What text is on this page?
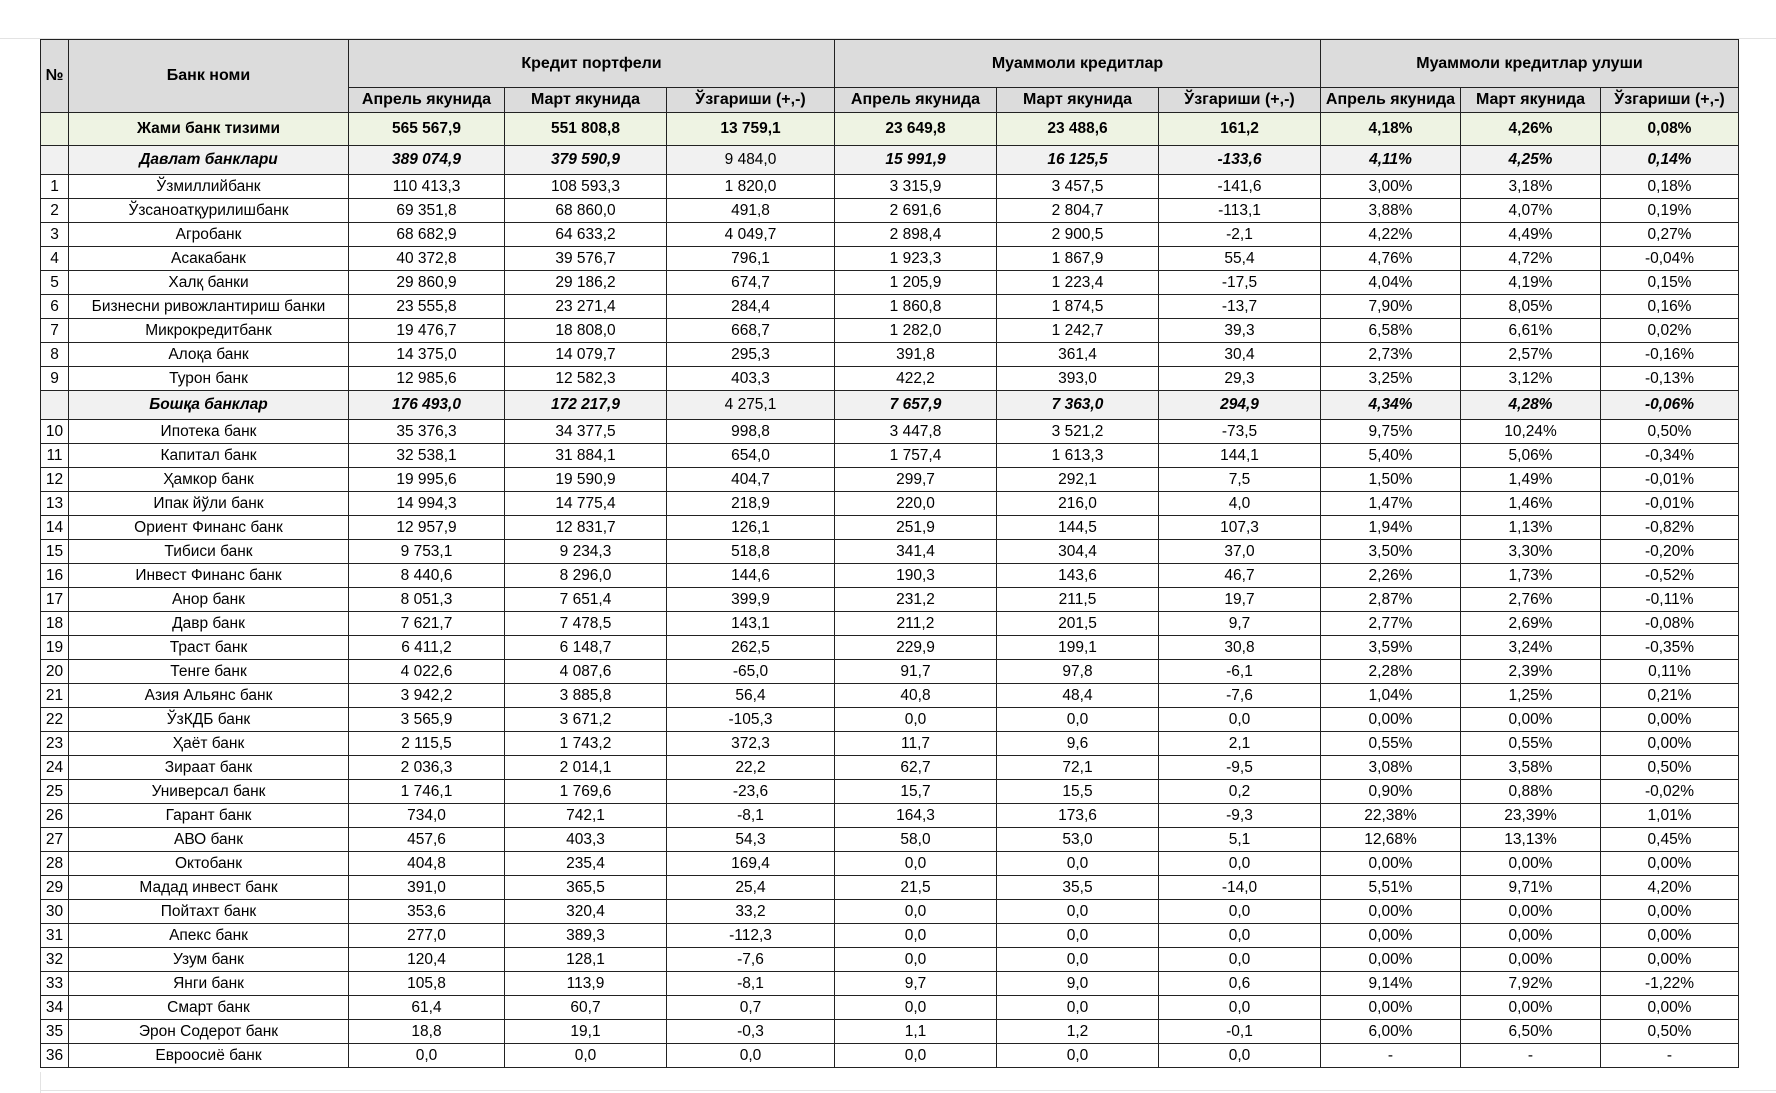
№	Банк номи	Кредит портфели			Муаммоли кредитлар			Муаммоли кредитлар улуши		
		Апрель якунида	Март якунида	Ўзгариши (+,-)	Апрель якунида	Март якунида	Ўзгариши (+,-)	Апрель якунида	Март якунида	Ўзгариши (+,-)
	Жами банк тизими	565 567,9	551 808,8	13 759,1	23 649,8	23 488,6	161,2	4,18%	4,26%	0,08%
	Давлат банклари	389 074,9	379 590,9	9 484,0	15 991,9	16 125,5	-133,6	4,11%	4,25%	0,14%
1	Ўзмиллийбанк	110 413,3	108 593,3	1 820,0	3 315,9	3 457,5	-141,6	3,00%	3,18%	0,18%
2	Ўзсаноатқурилишбанк	69 351,8	68 860,0	491,8	2 691,6	2 804,7	-113,1	3,88%	4,07%	0,19%
3	Агробанк	68 682,9	64 633,2	4 049,7	2 898,4	2 900,5	-2,1	4,22%	4,49%	0,27%
4	Асакабанк	40 372,8	39 576,7	796,1	1 923,3	1 867,9	55,4	4,76%	4,72%	-0,04%
5	Халқ банки	29 860,9	29 186,2	674,7	1 205,9	1 223,4	-17,5	4,04%	4,19%	0,15%
6	Бизнесни ривожлантириш банки	23 555,8	23 271,4	284,4	1 860,8	1 874,5	-13,7	7,90%	8,05%	0,16%
7	Микрокредитбанк	19 476,7	18 808,0	668,7	1 282,0	1 242,7	39,3	6,58%	6,61%	0,02%
8	Алоқа банк	14 375,0	14 079,7	295,3	391,8	361,4	30,4	2,73%	2,57%	-0,16%
9	Турон банк	12 985,6	12 582,3	403,3	422,2	393,0	29,3	3,25%	3,12%	-0,13%
	Бошқа банклар	176 493,0	172 217,9	4 275,1	7 657,9	7 363,0	294,9	4,34%	4,28%	-0,06%
10	Ипотека банк	35 376,3	34 377,5	998,8	3 447,8	3 521,2	-73,5	9,75%	10,24%	0,50%
11	Капитал банк	32 538,1	31 884,1	654,0	1 757,4	1 613,3	144,1	5,40%	5,06%	-0,34%
12	Ҳамкор банк	19 995,6	19 590,9	404,7	299,7	292,1	7,5	1,50%	1,49%	-0,01%
13	Ипак йўли банк	14 994,3	14 775,4	218,9	220,0	216,0	4,0	1,47%	1,46%	-0,01%
14	Ориент Финанс банк	12 957,9	12 831,7	126,1	251,9	144,5	107,3	1,94%	1,13%	-0,82%
15	Тибиси банк	9 753,1	9 234,3	518,8	341,4	304,4	37,0	3,50%	3,30%	-0,20%
16	Инвест Финанс банк	8 440,6	8 296,0	144,6	190,3	143,6	46,7	2,26%	1,73%	-0,52%
17	Анор банк	8 051,3	7 651,4	399,9	231,2	211,5	19,7	2,87%	2,76%	-0,11%
18	Давр банк	7 621,7	7 478,5	143,1	211,2	201,5	9,7	2,77%	2,69%	-0,08%
19	Траст банк	6 411,2	6 148,7	262,5	229,9	199,1	30,8	3,59%	3,24%	-0,35%
20	Тенге банк	4 022,6	4 087,6	-65,0	91,7	97,8	-6,1	2,28%	2,39%	0,11%
21	Азия Альянс банк	3 942,2	3 885,8	56,4	40,8	48,4	-7,6	1,04%	1,25%	0,21%
22	ЎзКДБ банк	3 565,9	3 671,2	-105,3	0,0	0,0	0,0	0,00%	0,00%	0,00%
23	Ҳаёт банк	2 115,5	1 743,2	372,3	11,7	9,6	2,1	0,55%	0,55%	0,00%
24	Зираат банк	2 036,3	2 014,1	22,2	62,7	72,1	-9,5	3,08%	3,58%	0,50%
25	Универсал банк	1 746,1	1 769,6	-23,6	15,7	15,5	0,2	0,90%	0,88%	-0,02%
26	Гарант банк	734,0	742,1	-8,1	164,3	173,6	-9,3	22,38%	23,39%	1,01%
27	АВО банк	457,6	403,3	54,3	58,0	53,0	5,1	12,68%	13,13%	0,45%
28	Октобанк	404,8	235,4	169,4	0,0	0,0	0,0	0,00%	0,00%	0,00%
29	Мадад инвест банк	391,0	365,5	25,4	21,5	35,5	-14,0	5,51%	9,71%	4,20%
30	Пойтахт банк	353,6	320,4	33,2	0,0	0,0	0,0	0,00%	0,00%	0,00%
31	Апекс банк	277,0	389,3	-112,3	0,0	0,0	0,0	0,00%	0,00%	0,00%
32	Узум банк	120,4	128,1	-7,6	0,0	0,0	0,0	0,00%	0,00%	0,00%
33	Янги банк	105,8	113,9	-8,1	9,7	9,0	0,6	9,14%	7,92%	-1,22%
34	Смарт банк	61,4	60,7	0,7	0,0	0,0	0,0	0,00%	0,00%	0,00%
35	Эрон Содерот банк	18,8	19,1	-0,3	1,1	1,2	-0,1	6,00%	6,50%	0,50%
36	Евроосиё банк	0,0	0,0	0,0	0,0	0,0	0,0	-	-	-
